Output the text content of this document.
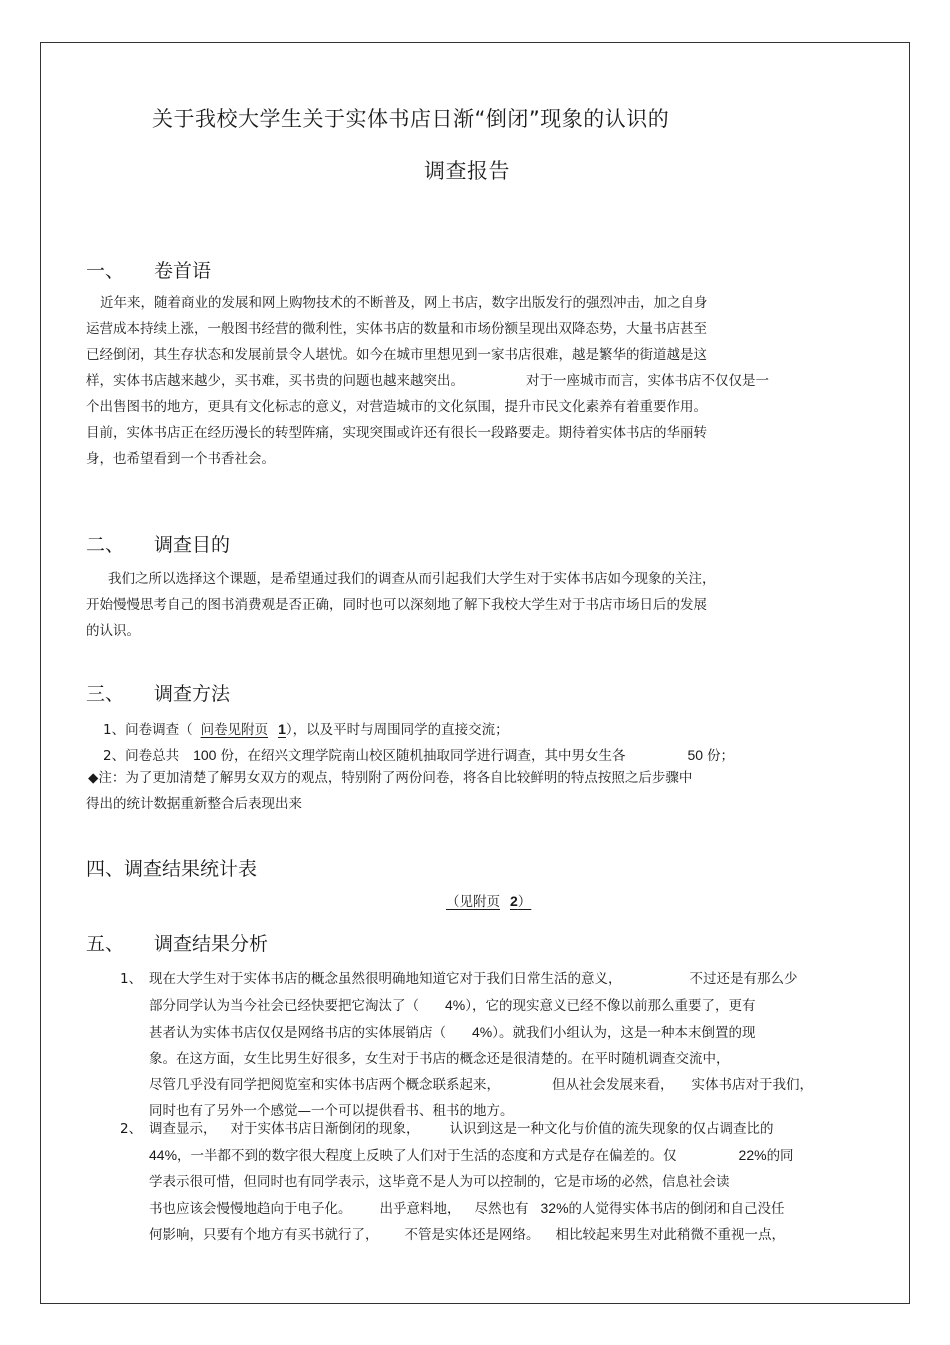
关于我校大学生关于实体书店日渐“倒闭”现象的认识的
调查报告
一、 卷首语
近年来，随着商业的发展和网上购物技术的不断普及，网上书店，数字出版发行的强烈冲击，加之自身
运营成本持续上涨，一般图书经营的微利性，实体书店的数量和市场份额呈现出双降态势，大量书店甚至
已经倒闭，其生存状态和发展前景令人堪忧。如今在城市里想见到一家书店很难，越是繁华的街道越是这
样，实体书店越来越少，买书难，买书贵的问题也越来越突出。	对于一座城市而言，实体书店不仅仅是一
个出售图书的地方，更具有文化标志的意义，对营造城市的文化氛围，提升市民文化素养有着重要作用。
目前，实体书店正在经历漫长的转型阵痛，实现突围或许还有很长一段路要走。期待着实体书店的华丽转
身，也希望看到一个书香社会。
二、 调查目的
我们之所以选择这个课题，是希望通过我们的调查从而引起我们大学生对于实体书店如今现象的关注，
开始慢慢思考自己的图书消费观是否正确，同时也可以深刻地了解下我校大学生对于书店市场日后的发展
的认识。
三、 调查方法
1、问卷调查（ 问卷见附页 1），以及平时与周围同学的直接交流；
2、问卷总共 100 份，在绍兴文理学院南山校区随机抽取同学进行调查，其中男女生各	50 份；
◆注：为了更加清楚了解男女双方的观点，特别附了两份问卷，将各自比较鲜明的特点按照之后步骤中
得出的统计数据重新整合后表现出来
四、调查结果统计表
（见附页 2）
五、 调查结果分析
1、 现在大学生对于实体书店的概念虽然很明确地知道它对于我们日常生活的意义，	不过还是有那么少
部分同学认为当今社会已经快要把它淘汰了（ 4%），它的现实意义已经不像以前那么重要了，更有
甚者认为实体书店仅仅是网络书店的实体展销店（ 4%）。就我们小组认为，这是一种本末倒置的现
象。在这方面，女生比男生好很多，女生对于书店的概念还是很清楚的。在平时随机调查交流中，
尽管几乎没有同学把阅览室和实体书店两个概念联系起来，	但从社会发展来看， 实体书店对于我们，
同时也有了另外一个感觉—一个可以提供看书、租书的地方。
2、 调查显示， 对于实体书店日渐倒闭的现象， 认识到这是一种文化与价值的流失现象的仅占调查比的
44%，一半都不到的数字很大程度上反映了人们对于生活的态度和方式是存在偏差的。仅	22%的同
学表示很可惜，但同时也有同学表示，这毕竟不是人为可以控制的，它是市场的必然，信息社会读
书也应该会慢慢地趋向于电子化。 出乎意料地， 尽然也有 32%的人觉得实体书店的倒闭和自己没任
何影响，只要有个地方有买书就行了， 不管是实体还是网络。 相比较起来男生对此稍微不重视一点，
